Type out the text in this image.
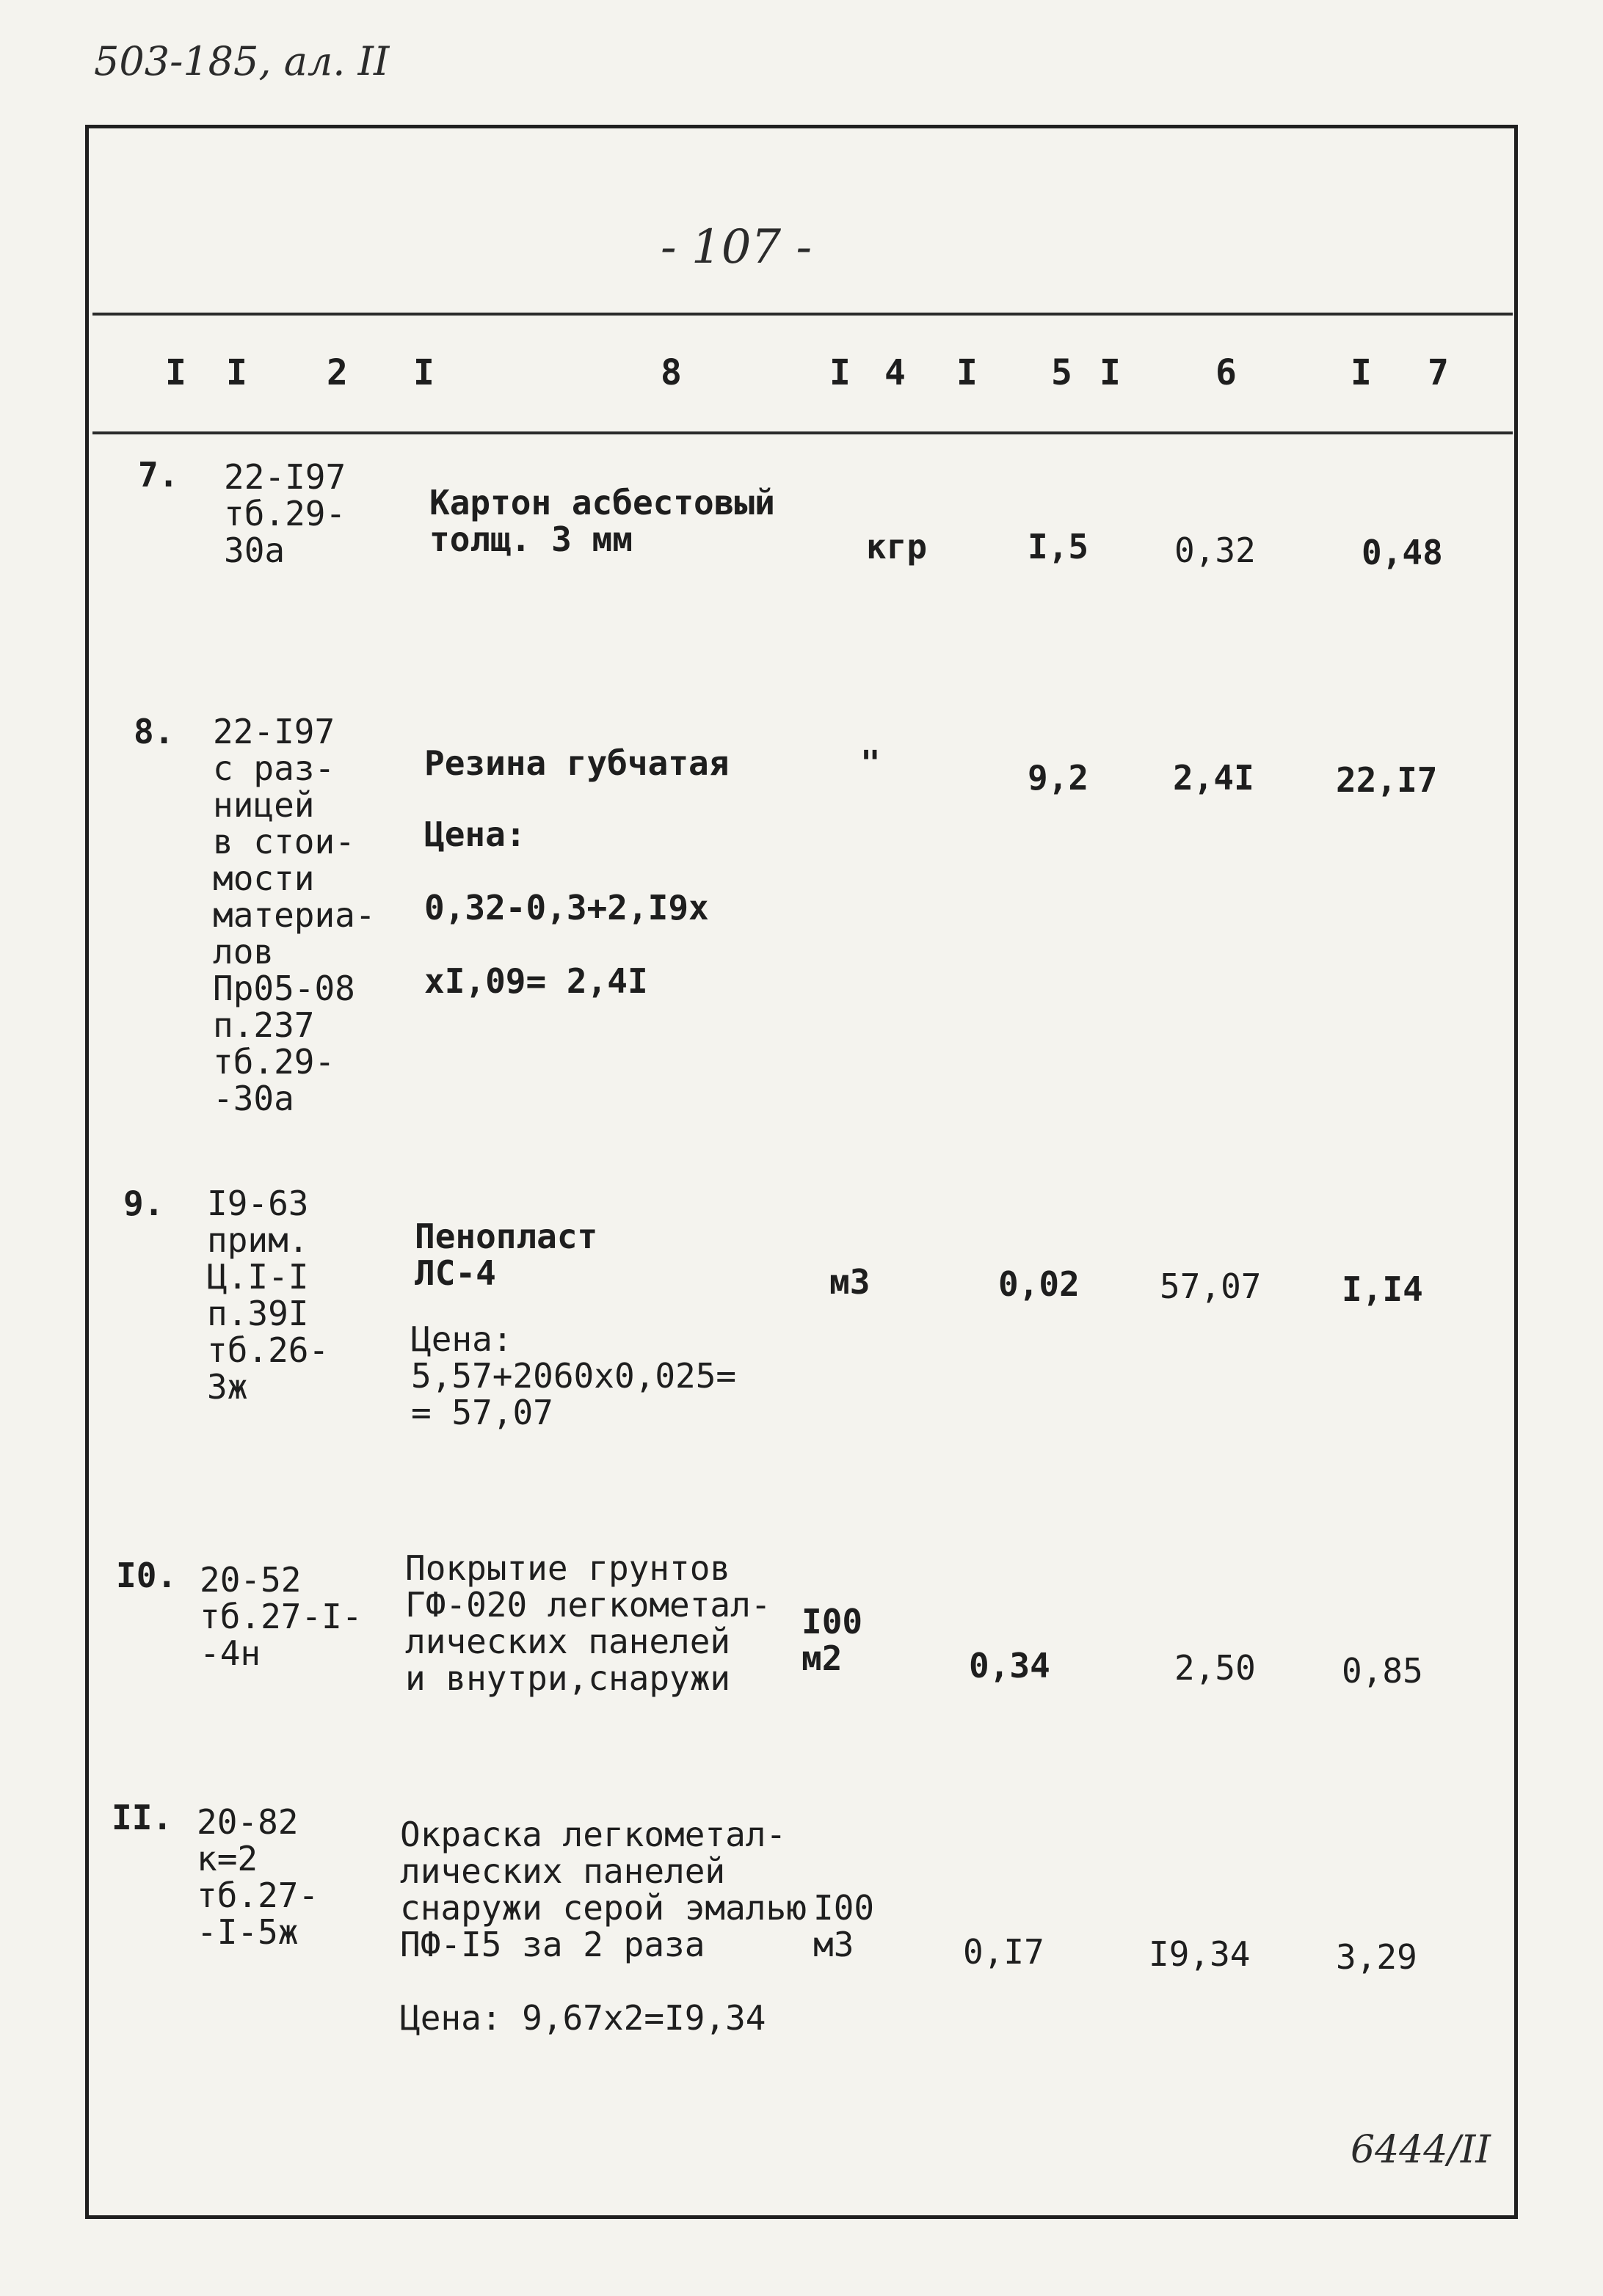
503-185, ал. II
- 107 -
I I 2 I	8	I 4 I 5 I	6	I 7
7. 22-I97
тб.29-
30а
Картон асбестовый
толщ. 3 мм	кгр	I,5	0,32	0,48
8. 22-I97
с раз-
ницей
в стои-
мости
материа-
лов
Пр05-08
п.237
тб.29-
-30а
Резина губчатая
Цена:

0,32-0,3+2,I9х

хI,09= 2,4I
"	9,2 2,4I 22,I7
9. I9-63
прим.
Ц.I-I
п.39I
тб.26-
3ж
Пенопласт
ЛС-4
Цена:
5,57+2060х0,025=
= 57,07
м3	0,02 57,07 I,I4
I0. 20-52
тб.27-I-
-4н
Покрытие грунтов
ГФ-020 легкометал-
лических панелей
и внутри,снаружи
I00
м2	0,34	2,50	0,85
II. 20-82
к=2
тб.27-
-I-5ж
Окраска легкометал-
лических панелей
снаружи серой эмалью
ПФ-I5 за 2 раза
Цена: 9,67х2=I9,34
I00
м3	0,I7	I9,34	3,29
6444/II
